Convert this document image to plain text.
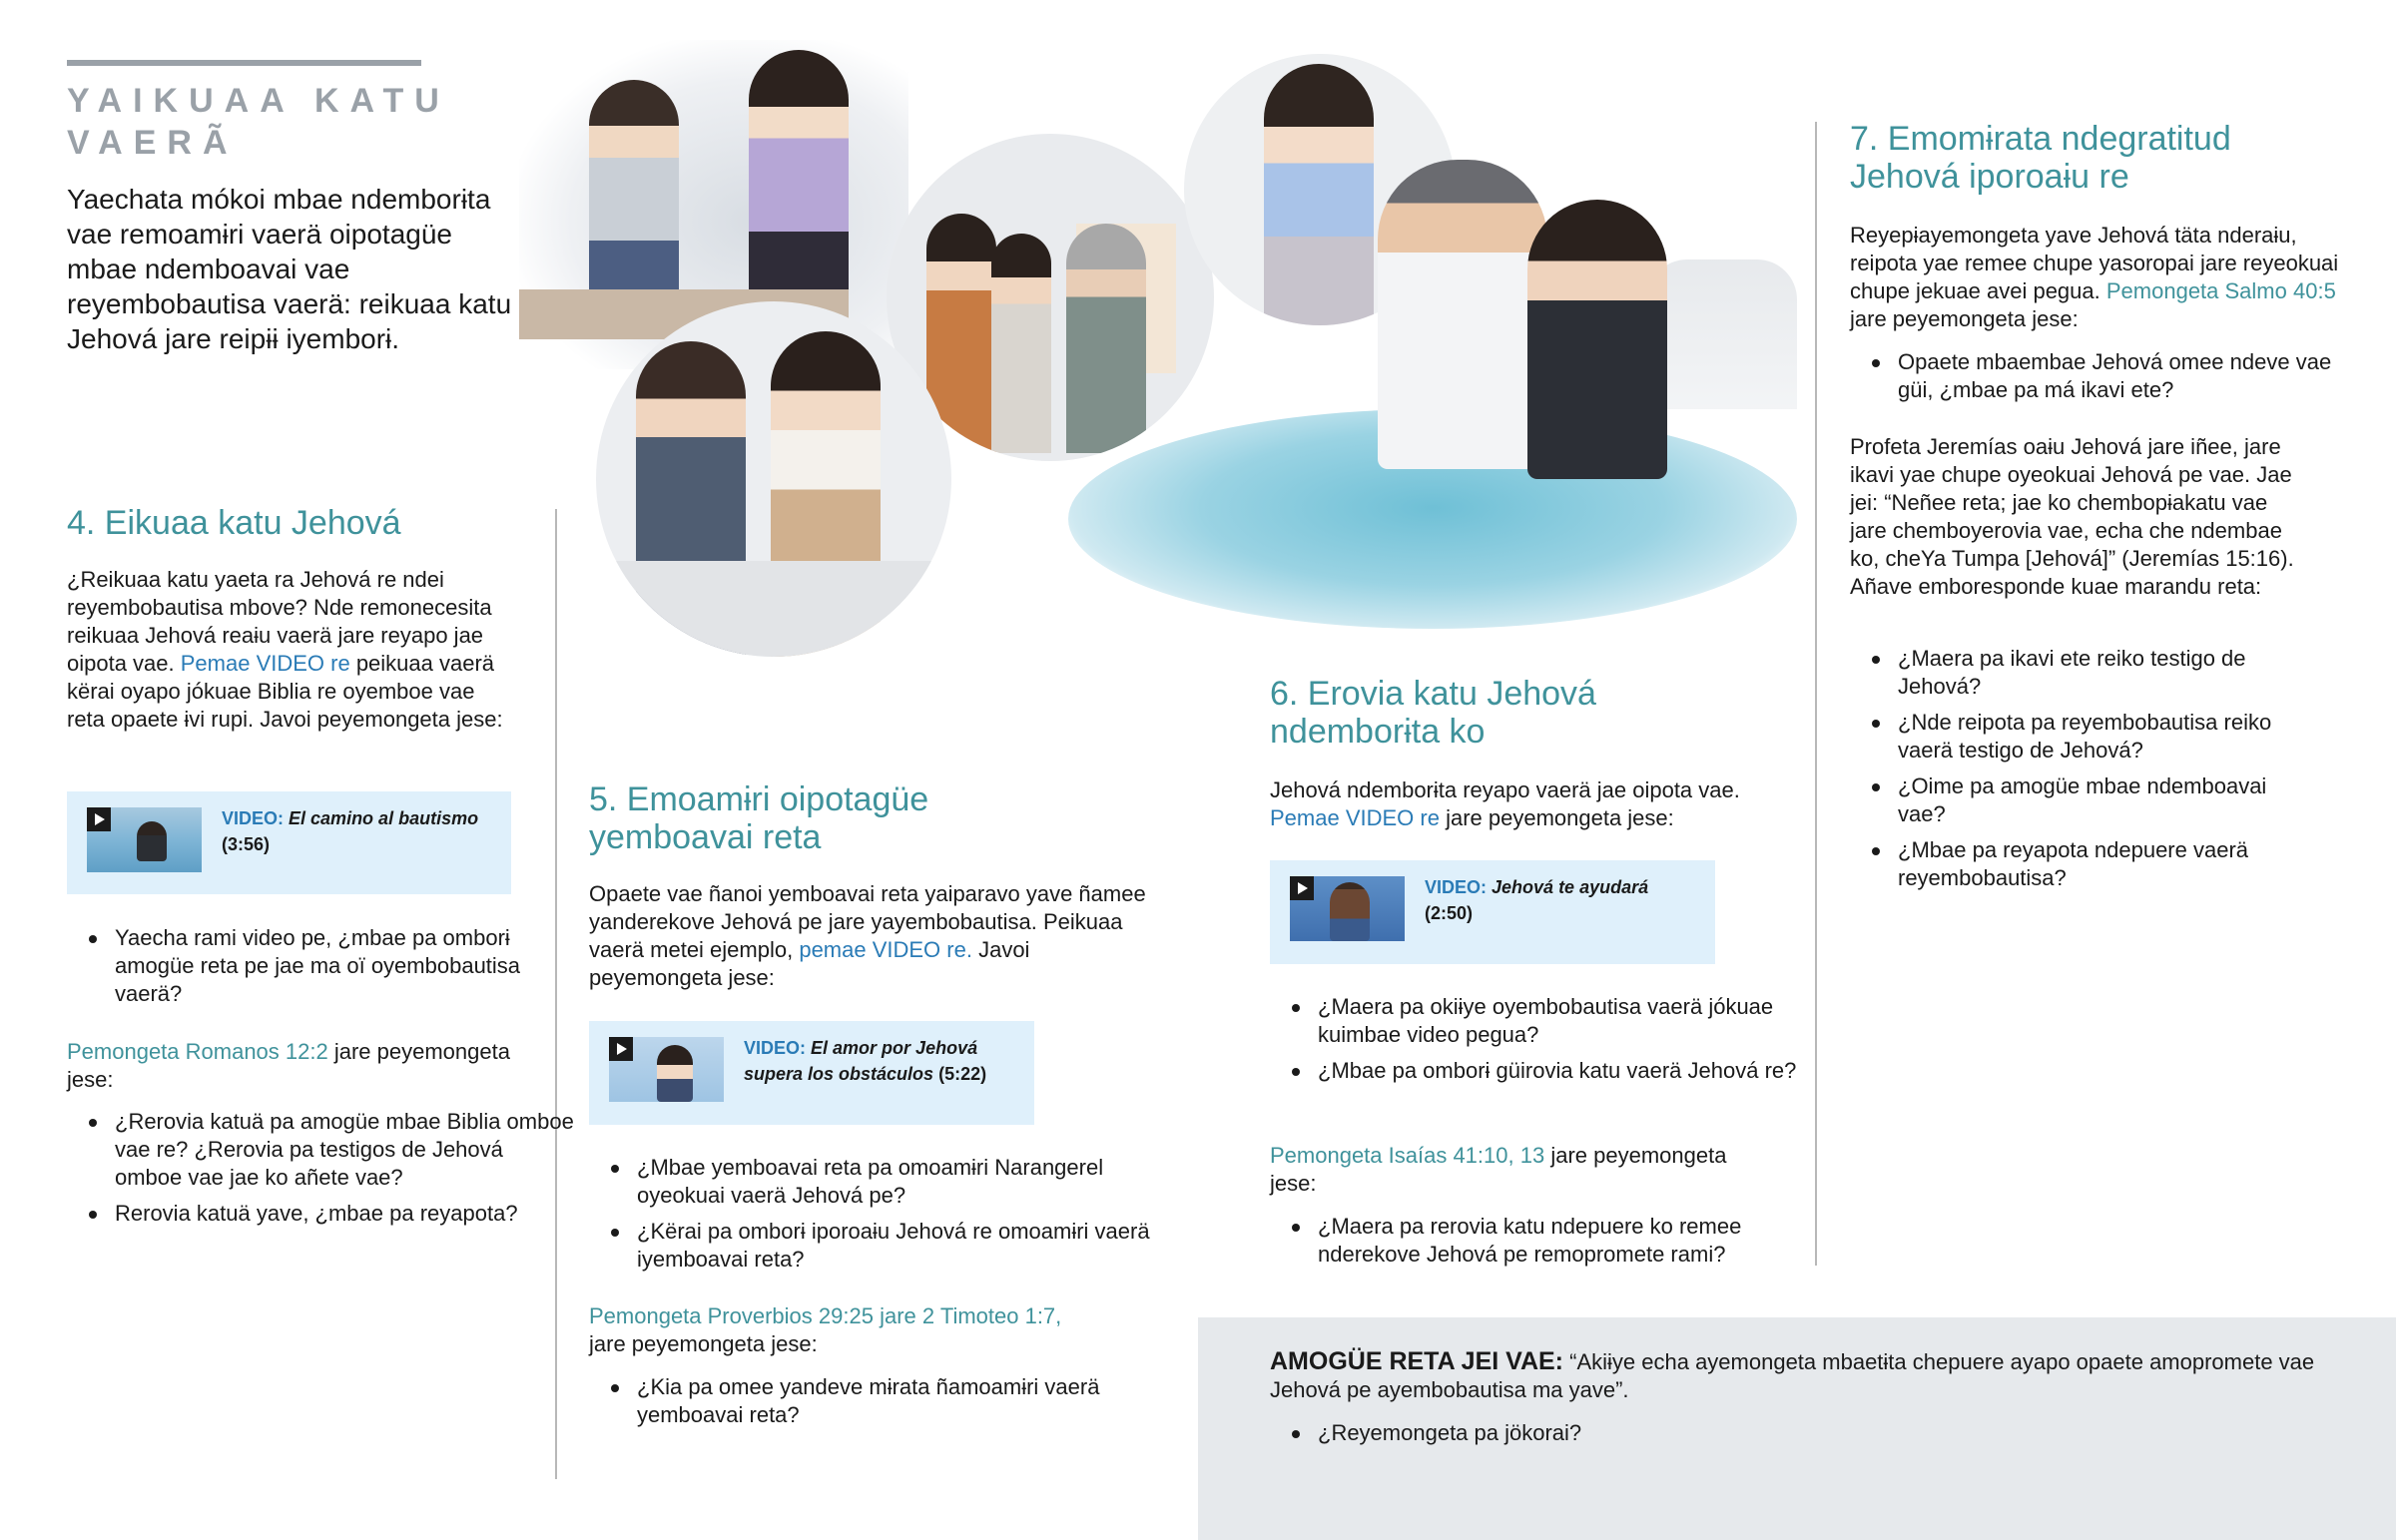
YAIKUAA KATU
VAERÃ

Yaechata mókoi mbae ndemborɨta vae remoamɨri vaerä oipotagüe mbae ndemboavai vae reyembobautisa vaerä: reikuaa katu Jehová jare reipɨɨ iyemborɨ.

4. Eikuaa katu Jehová

¿Reikuaa katu yaeta ra Jehová re ndei reyembobautisa mbove? Nde remonecesita reikuaa Jehová reaɨu vaerä jare reyapo jae oipota vae. Pemae VIDEO re peikuaa vaerä kërai oyapo jókuae Biblia re oyemboe vae reta opaete ɨvi rupi. Javoi peyemongeta jese:

VIDEO: El camino al bautismo
(3:56)
Yaecha rami video pe, ¿mbae pa omborɨ amogüe reta pe jae ma oï oyembobautisa vaerä?

Pemongeta Romanos 12:2 jare peyemongeta jese:

¿Rerovia katuä pa amogüe mbae Biblia omboe vae re? ¿Rerovia pa testigos de Jehová omboe vae jae ko añete vae?
Rerovia katuä yave, ¿mbae pa reyapota?
5. Emoamɨri oipotagüe yemboavai reta

Opaete vae ñanoi yemboavai reta yaiparavo yave ñamee yanderekove Jehová pe jare yayembobautisa. Peikuaa vaerä metei ejemplo, pemae VIDEO re. Javoi peyemongeta jese:

VIDEO: El amor por Jehová supera los obstáculos (5:22)
¿Mbae yemboavai reta pa omoamɨri Narangerel oyeokuai vaerä Jehová pe?
¿Kërai pa omborɨ iporoaɨu Jehová re omoamɨri vaerä iyemboavai reta?

Pemongeta Proverbios 29:25 jare 2 Timoteo 1:7,
jare peyemongeta jese:

¿Kia pa omee yandeve mɨrata ñamoamɨri vaerä yemboavai reta?
6. Erovia katu Jehová ndemborɨta ko

Jehová ndemborɨta reyapo vaerä jae oipota vae. Pemae VIDEO re jare peyemongeta jese:

VIDEO: Jehová te ayudará
(2:50)
¿Maera pa okiɨye oyembobautisa vaerä jókuae kuimbae video pegua?
¿Mbae pa omborɨ güirovia katu vaerä Jehová re?

Pemongeta Isaías 41:10, 13 jare peyemongeta jese:

¿Maera pa rerovia katu ndepuere ko remee nderekove Jehová pe remopromete rami?
7. Emomɨrata ndegratitud Jehová iporoaɨu re

Reyepɨayemongeta yave Jehová täta nderaɨu, reipota yae remee chupe yasoropai jare reyeokuai chupe jekuae avei pegua. Pemongeta Salmo 40:5 jare peyemongeta jese:

Opaete mbaembae Jehová omee ndeve vae güi, ¿mbae pa má ikavi ete?

Profeta Jeremías oaɨu Jehová jare iñee, jare ikavi yae chupe oyeokuai Jehová pe vae. Jae jei: “Neñee reta; jae ko chembopɨakatu vae jare chemboyerovia vae, echa che ndembae ko, cheYa Tumpa [Jehová]” (Jeremías 15:16). Añave emboresponde kuae marandu reta:

¿Maera pa ikavi ete reiko testigo de Jehová?
¿Nde reipota pa reyembobautisa reiko vaerä testigo de Jehová?
¿Oime pa amogüe mbae ndemboavai vae?
¿Mbae pa reyapota ndepuere vaerä reyembobautisa?

AMOGÜE RETA JEI VAE: “Akiɨye echa ayemongeta mbaetɨta chepuere ayapo opaete amopromete vae Jehová pe ayembobautisa ma yave”.

¿Reyemongeta pa jökorai?
